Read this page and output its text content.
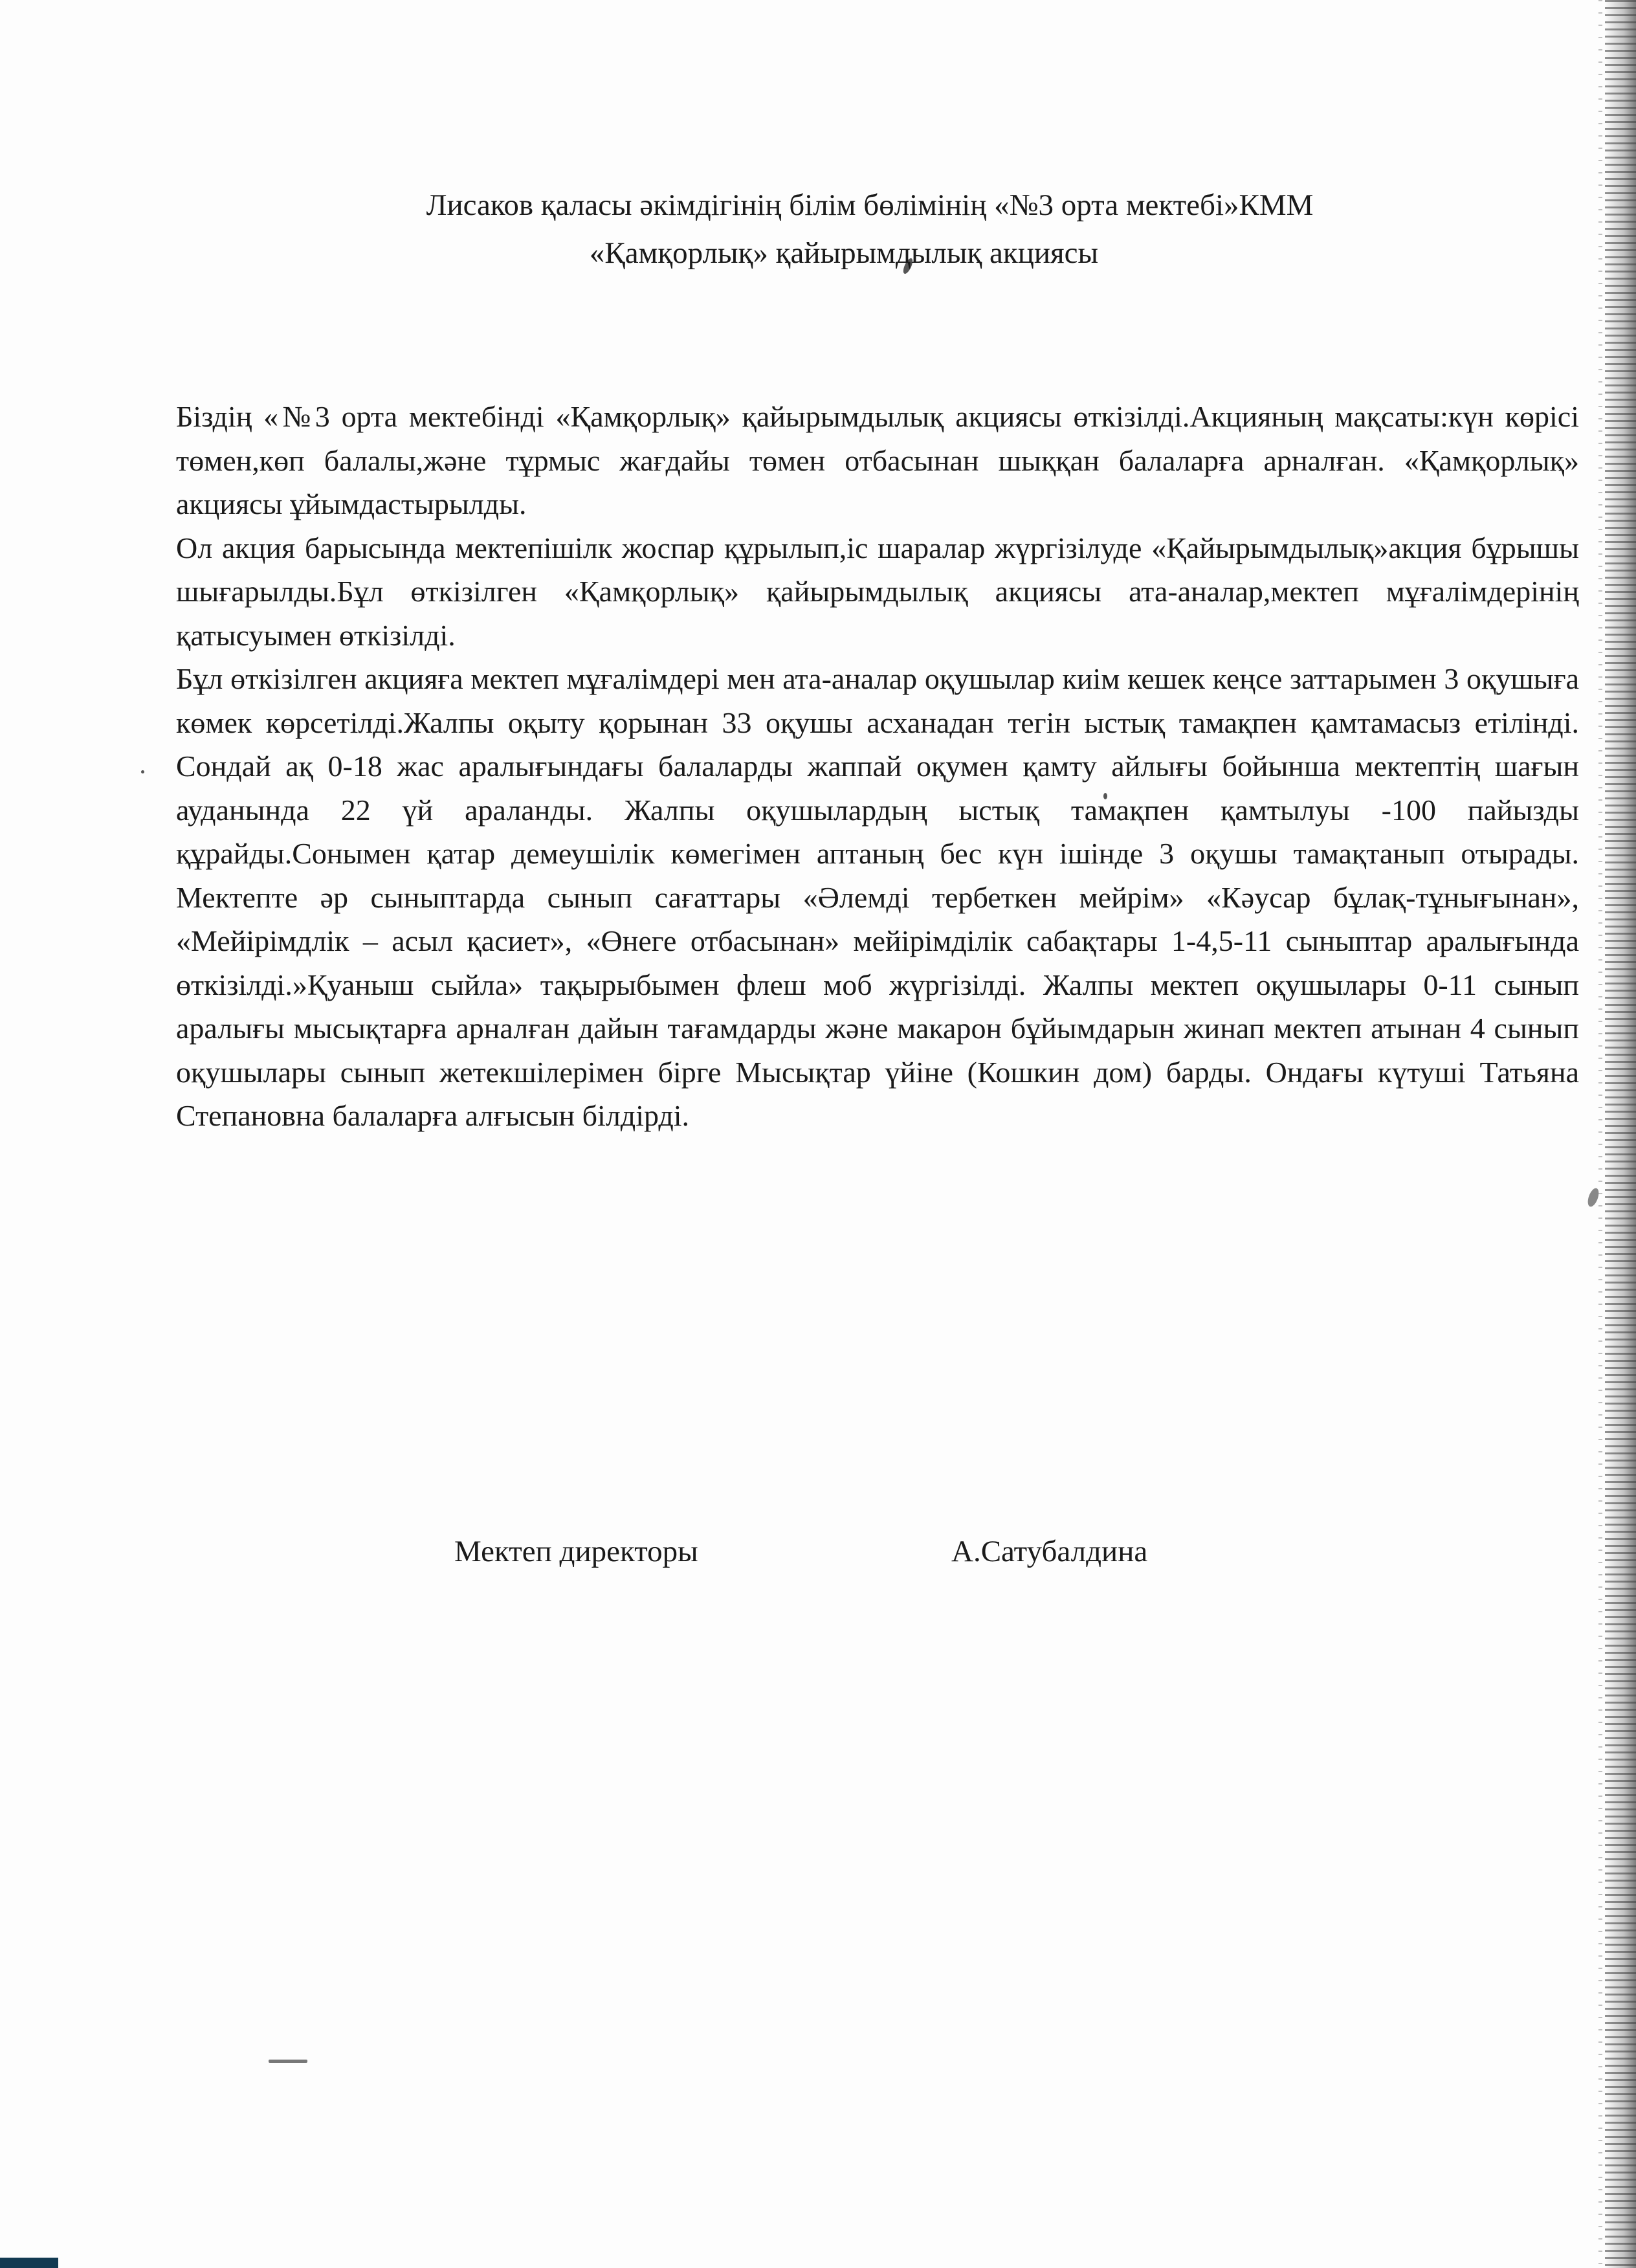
Лисаков қаласы әкімдігінің білім бөлімінің «№3 орта мектебі»КММ
«Қамқорлық» қайырымдылық акциясы

Біздің «№3 орта мектебінді «Қамқорлық» қайырымдылық акциясы өткізілді.Акцияның мақсаты:күн көрісі төмен,көп балалы,және тұрмыс жағдайы төмен отбасынан шыққан балаларға арналған. «Қамқорлық» акциясы ұйымдастырылды.

Ол акция барысында мектепішілк жоспар құрылып,іс шаралар жүргізілуде «Қайырымдылық»акция бұрышы шығарылды.Бұл өткізілген «Қамқорлық» қайырымдылық акциясы ата-аналар,мектеп мұғалімдерінің қатысуымен өткізілді.

Бұл өткізілген акцияға мектеп мұғалімдері мен ата-аналар оқушылар киім кешек кеңсе заттарымен 3 оқушыға көмек көрсетілді.Жалпы оқыту қорынан 33 оқушы асханадан тегін ыстық тамақпен қамтамасыз етілінді. Сондай ақ 0-18 жас аралығындағы балаларды жаппай оқумен қамту айлығы бойынша мектептің шағын ауданында 22 үй араланды. Жалпы оқушылардың ыстық тамақпен қамтылуы -100 пайызды құрайды.Сонымен қатар демеушілік көмегімен аптаның бес күн ішінде 3 оқушы тамақтанып отырады. Мектепте әр сыныптарда сынып сағаттары «Әлемді тербеткен мейрім» «Кәусар бұлақ-тұнығынан», «Мейірімдлік – асыл қасиет», «Өнеге отбасынан» мейірімділік сабақтары 1-4,5-11 сыныптар аралығында өткізілді.»Қуаныш сыйла» тақырыбымен флеш моб жүргізілді. Жалпы мектеп оқушылары 0-11 сынып аралығы мысықтарға арналған дайын тағамдарды және макарон бұйымдарын жинап мектеп атынан 4 сынып оқушылары сынып жетекшілерімен бірге Мысықтар үйіне (Кошкин дом) барды. Ондағы күтуші Татьяна Степановна балаларға алғысын білдірді.

Мектеп директоры	А.Сатубалдина
